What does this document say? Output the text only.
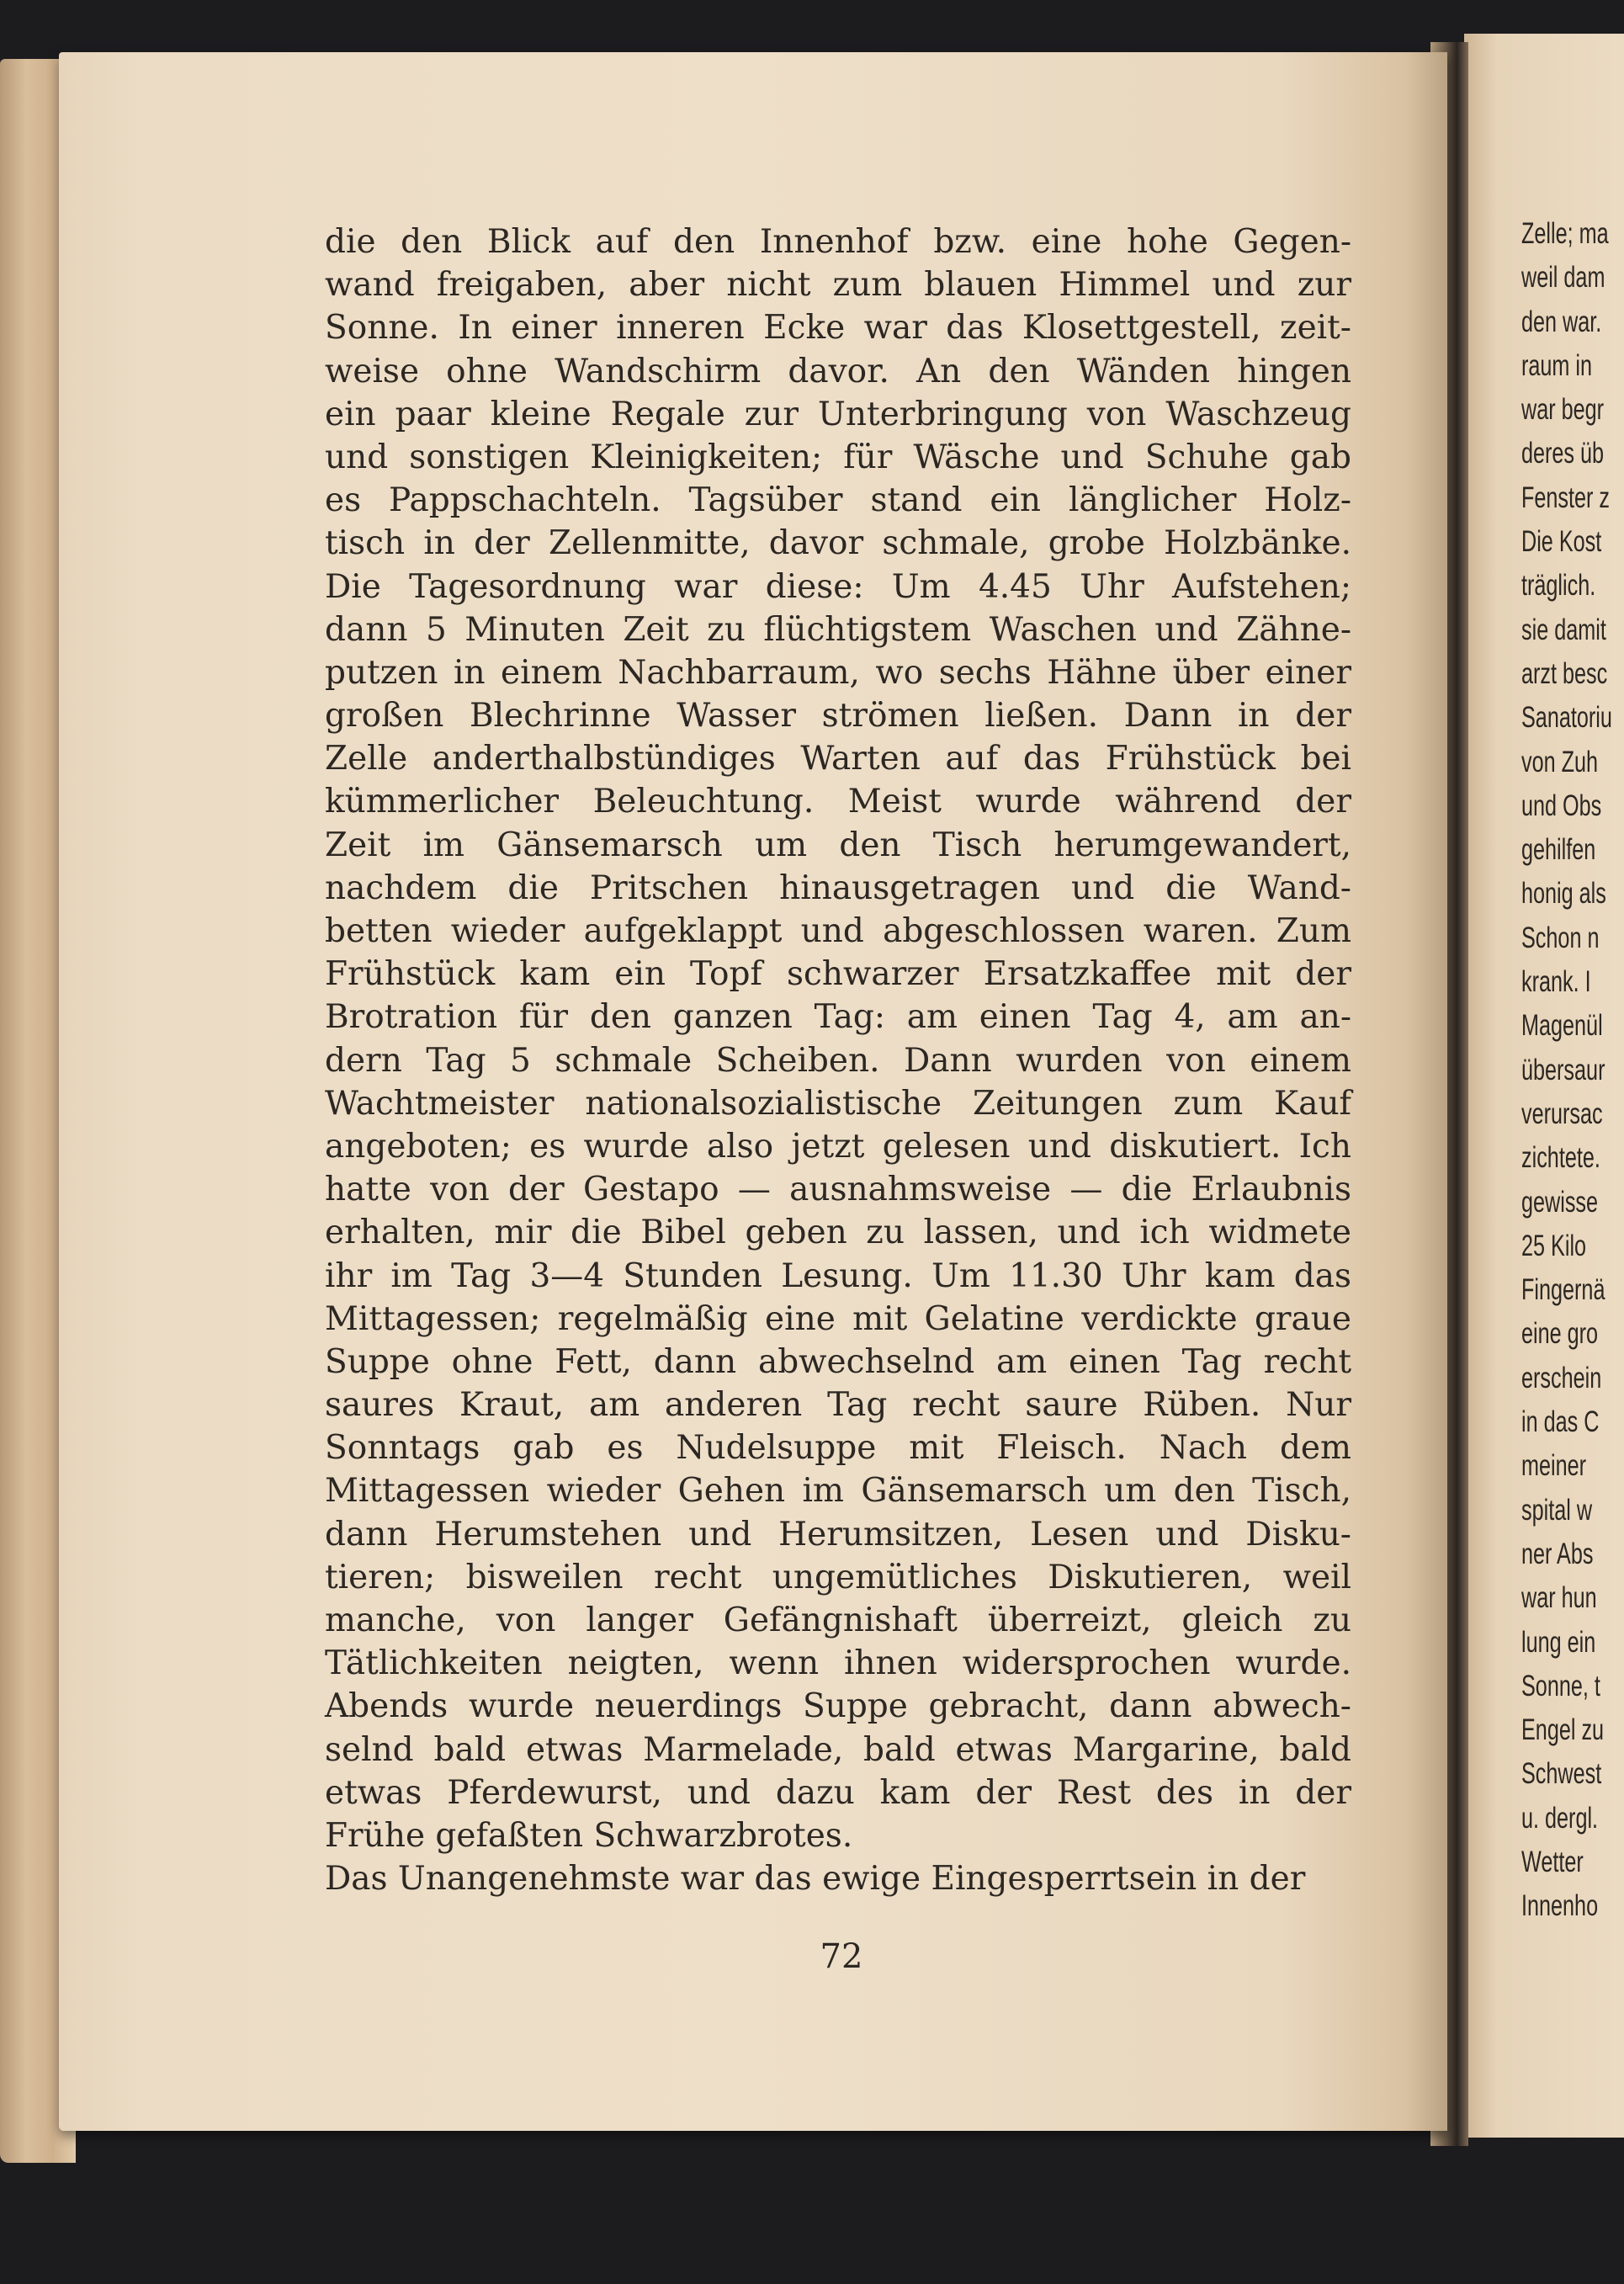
Zelle; ma
weil dam
den war.
raum in
war begr
deres üb
Fenster z
Die Kost
träglich.
sie damit
arzt besc
Sanatoriu
von Zuh
und Obs
gehilfen
honig als
Schon n
krank. I
Magenül
übersaur
verursac
zichtete.
gewisse
25 Kilo
Fingernä
eine gro
erschein
in das C
meiner
spital w
ner Abs
war hun
lung ein
Sonne, t
Engel zu
Schwest
u. dergl.
Wetter
Innenho
die den Blick auf den Innenhof bzw. eine hohe Gegen-
wand freigaben, aber nicht zum blauen Himmel und zur
Sonne. In einer inneren Ecke war das Klosettgestell, zeit-
weise ohne Wandschirm davor. An den Wänden hingen
ein paar kleine Regale zur Unterbringung von Waschzeug
und sonstigen Kleinigkeiten; für Wäsche und Schuhe gab
es Pappschachteln. Tagsüber stand ein länglicher Holz-
tisch in der Zellenmitte, davor schmale, grobe Holzbänke.
Die Tagesordnung war diese: Um 4.45 Uhr Aufstehen;
dann 5 Minuten Zeit zu flüchtigstem Waschen und Zähne-
putzen in einem Nachbarraum, wo sechs Hähne über einer
großen Blechrinne Wasser strömen ließen. Dann in der
Zelle anderthalbstündiges Warten auf das Frühstück bei
kümmerlicher Beleuchtung. Meist wurde während der
Zeit im Gänsemarsch um den Tisch herumgewandert,
nachdem die Pritschen hinausgetragen und die Wand-
betten wieder aufgeklappt und abgeschlossen waren. Zum
Frühstück kam ein Topf schwarzer Ersatzkaffee mit der
Brotration für den ganzen Tag: am einen Tag 4, am an-
dern Tag 5 schmale Scheiben. Dann wurden von einem
Wachtmeister nationalsozialistische Zeitungen zum Kauf
angeboten; es wurde also jetzt gelesen und diskutiert. Ich
hatte von der Gestapo — ausnahmsweise — die Erlaubnis
erhalten, mir die Bibel geben zu lassen, und ich widmete
ihr im Tag 3—4 Stunden Lesung. Um 11.30 Uhr kam das
Mittagessen; regelmäßig eine mit Gelatine verdickte graue
Suppe ohne Fett, dann abwechselnd am einen Tag recht
saures Kraut, am anderen Tag recht saure Rüben. Nur
Sonntags gab es Nudelsuppe mit Fleisch. Nach dem
Mittagessen wieder Gehen im Gänsemarsch um den Tisch,
dann Herumstehen und Herumsitzen, Lesen und Disku-
tieren; bisweilen recht ungemütliches Diskutieren, weil
manche, von langer Gefängnishaft überreizt, gleich zu
Tätlichkeiten neigten, wenn ihnen widersprochen wurde.
Abends wurde neuerdings Suppe gebracht, dann abwech-
selnd bald etwas Marmelade, bald etwas Margarine, bald
etwas Pferdewurst, und dazu kam der Rest des in der
Frühe gefaßten Schwarzbrotes.
Das Unangenehmste war das ewige Eingesperrtsein in der
72
